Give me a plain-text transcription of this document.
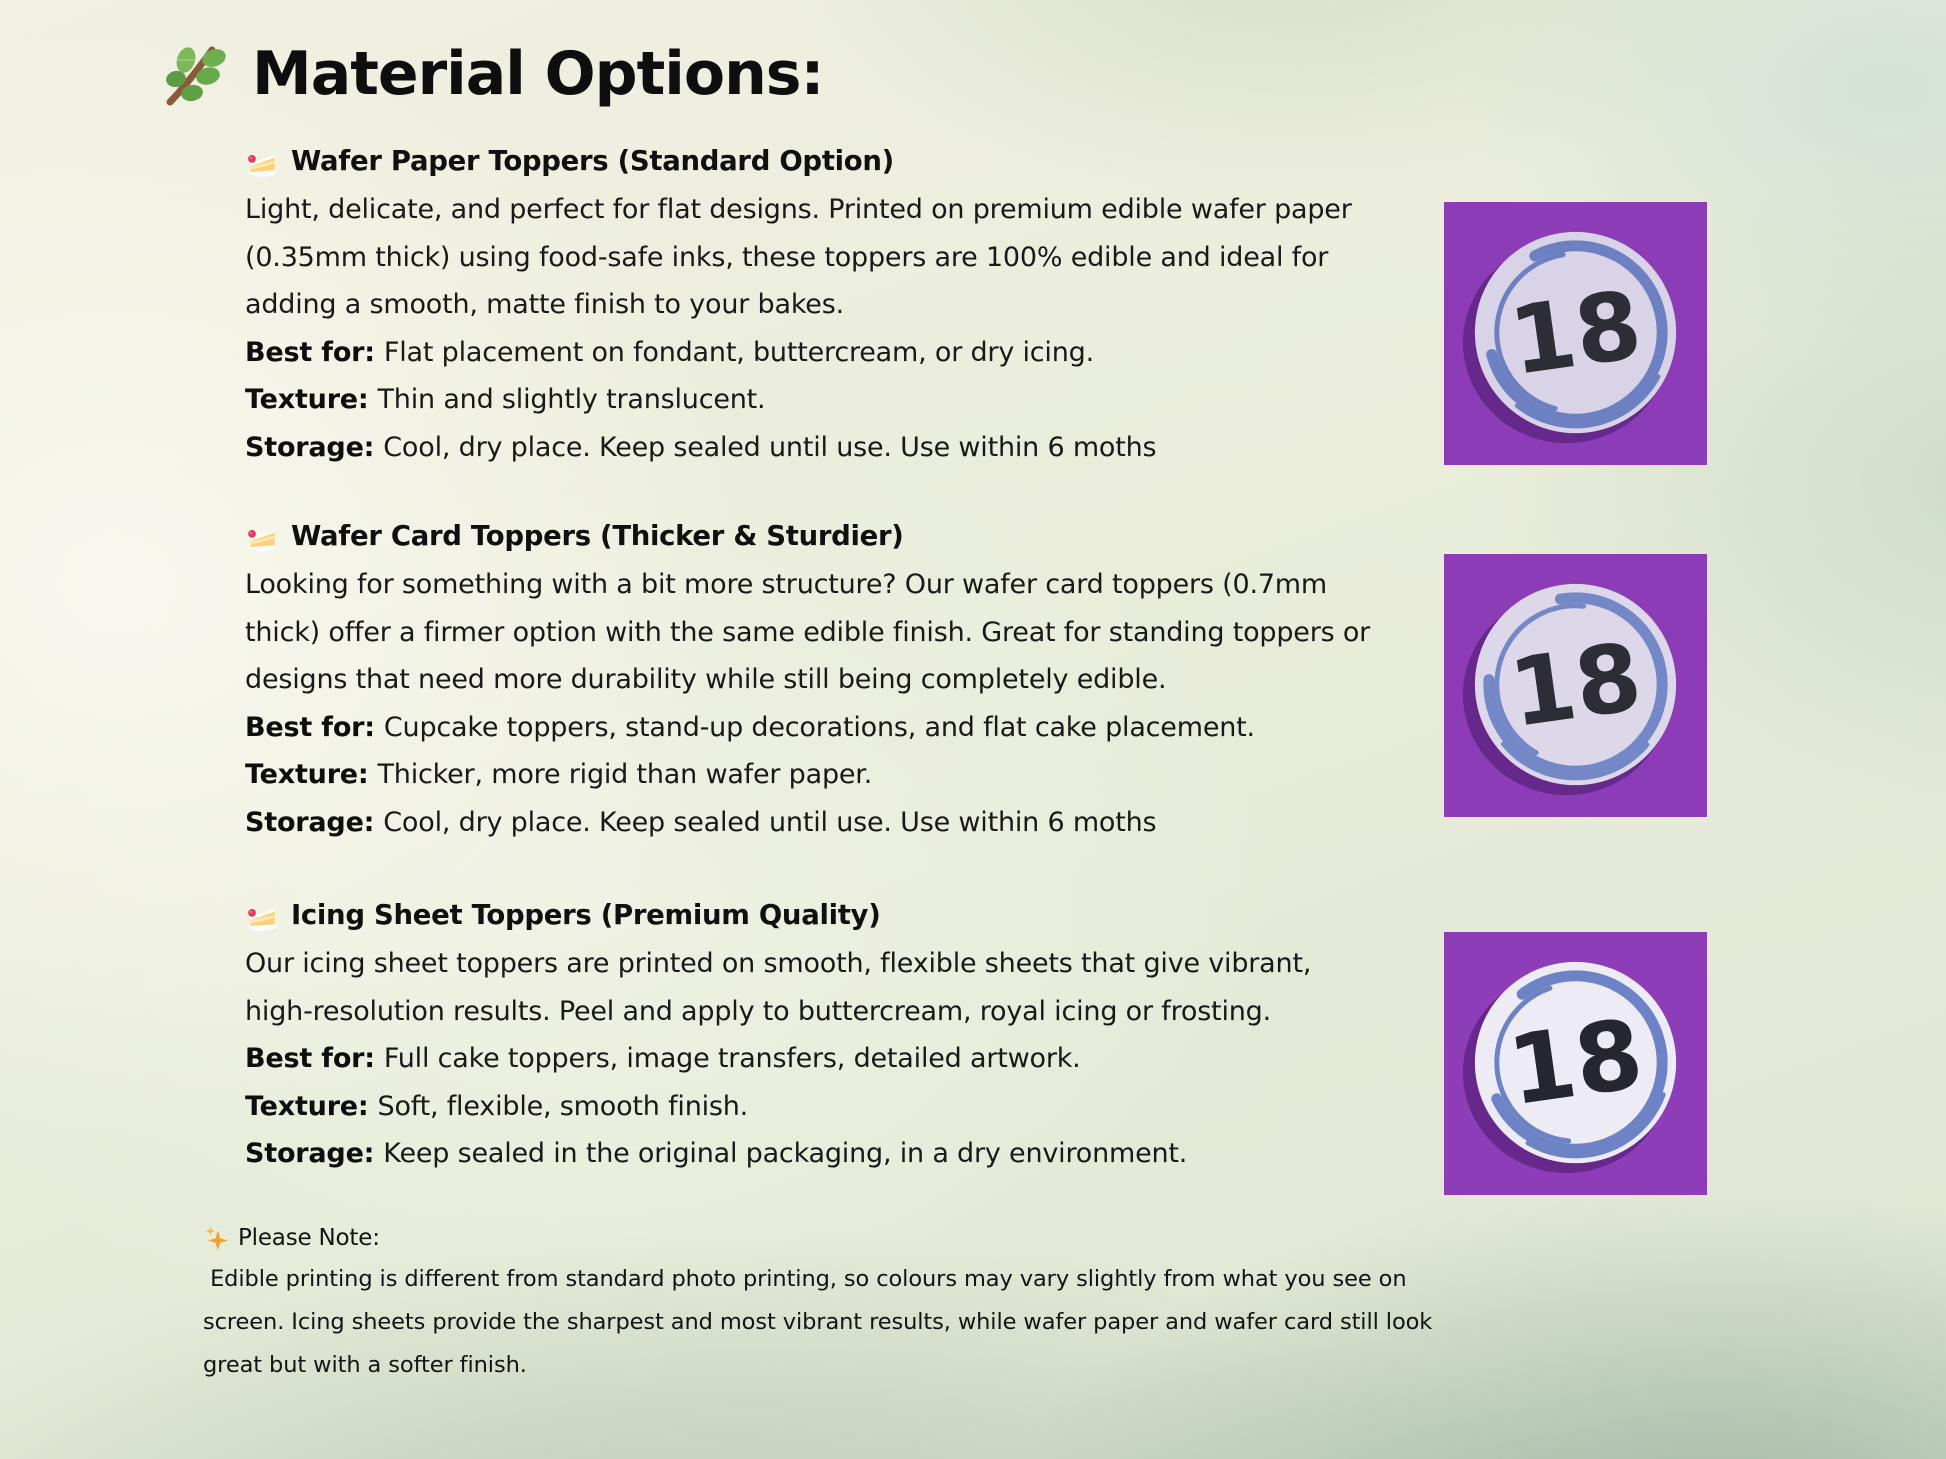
Material Options:
Wafer Paper Toppers (Standard Option)

Light, delicate, and perfect for flat designs. Printed on premium edible wafer paper (0.35mm thick) using food-safe inks, these toppers are 100% edible and ideal for adding a smooth, matte finish to your bakes.

Best for: Flat placement on fondant, buttercream, or dry icing.

Texture: Thin and slightly translucent.

Storage: Cool, dry place. Keep sealed until use. Use within 6 moths

Wafer Card Toppers (Thicker & Sturdier)

Looking for something with a bit more structure? Our wafer card toppers (0.7mm thick) offer a firmer option with the same edible finish. Great for standing toppers or designs that need more durability while still being completely edible.

Best for: Cupcake toppers, stand-up decorations, and flat cake placement.

Texture: Thicker, more rigid than wafer paper.

Storage: Cool, dry place. Keep sealed until use. Use within 6 moths

Icing Sheet Toppers (Premium Quality)

Our icing sheet toppers are printed on smooth, flexible sheets that give vibrant, high-resolution results. Peel and apply to buttercream, royal icing or frosting.

Best for: Full cake toppers, image transfers, detailed artwork.

Texture: Soft, flexible, smooth finish.

Storage: Keep sealed in the original packaging, in a dry environment.

Please Note:

Edible printing is different from standard photo printing, so colours may vary slightly from what you see on screen. Icing sheets provide the sharpest and most vibrant results, while wafer paper and wafer card still look great but with a softer finish.

18
18
18
